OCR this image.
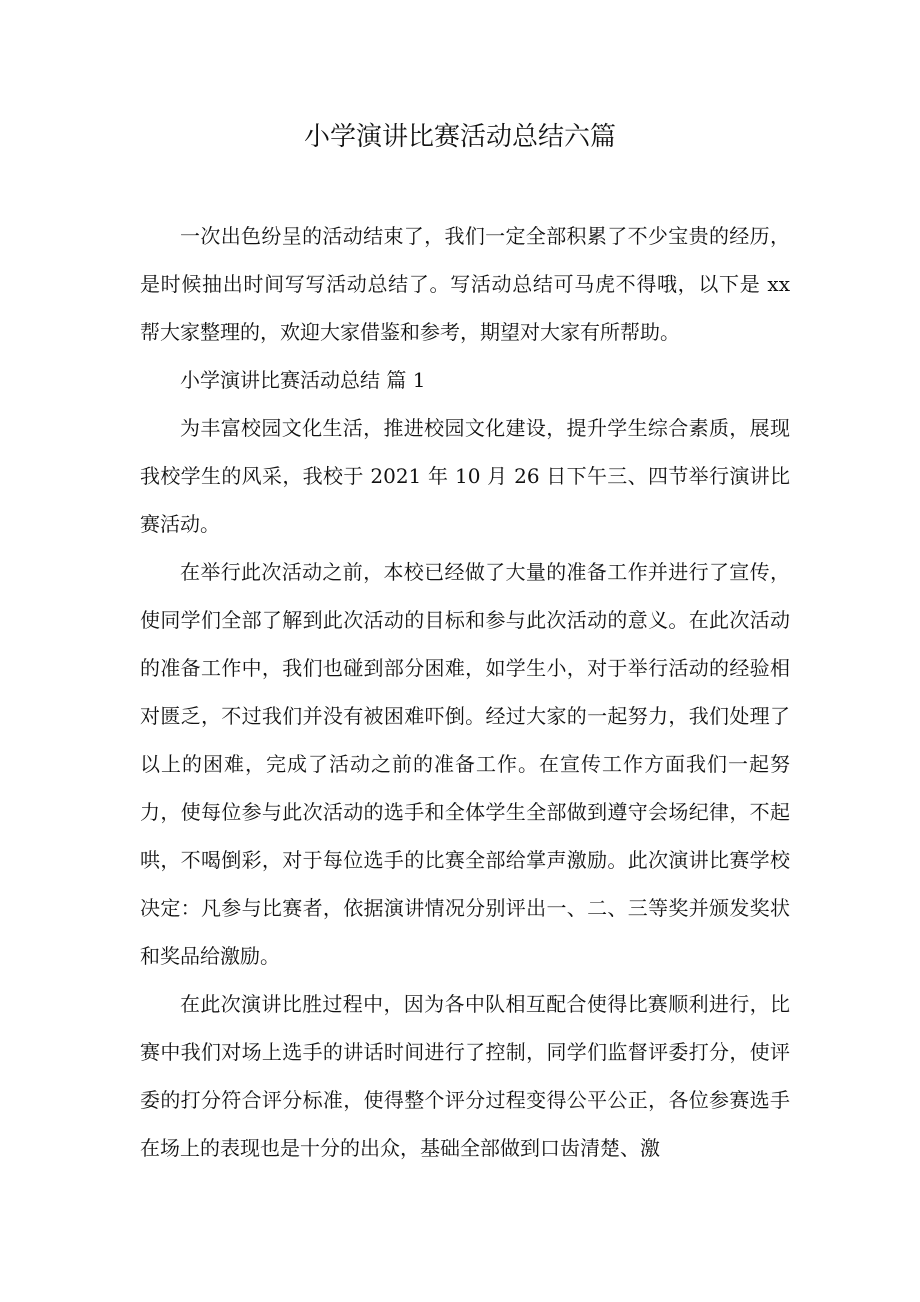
小学演讲比赛活动总结六篇

一次出色纷呈的活动结束了，我们一定全部积累了不少宝贵的经历，是时候抽出时间写写活动总结了。写活动总结可马虎不得哦，以下是 xx 帮大家整理的，欢迎大家借鉴和参考，期望对大家有所帮助。

小学演讲比赛活动总结 篇 1

为丰富校园文化生活，推进校园文化建设，提升学生综合素质，展现我校学生的风采，我校于 2021 年 10 月 26 日下午三、四节举行演讲比赛活动。

在举行此次活动之前，本校已经做了大量的准备工作并进行了宣传，使同学们全部了解到此次活动的目标和参与此次活动的意义。在此次活动的准备工作中，我们也碰到部分困难，如学生小，对于举行活动的经验相对匮乏，不过我们并没有被困难吓倒。经过大家的一起努力，我们处理了以上的困难，完成了活动之前的准备工作。在宣传工作方面我们一起努力，使每位参与此次活动的选手和全体学生全部做到遵守会场纪律，不起哄，不喝倒彩，对于每位选手的比赛全部给掌声激励。此次演讲比赛学校决定：凡参与比赛者，依据演讲情况分别评出一、二、三等奖并颁发奖状和奖品给激励。

在此次演讲比胜过程中，因为各中队相互配合使得比赛顺利进行，比赛中我们对场上选手的讲话时间进行了控制，同学们监督评委打分，使评委的打分符合评分标准，使得整个评分过程变得公平公正，各位参赛选手在场上的表现也是十分的出众，基础全部做到口齿清楚、激
